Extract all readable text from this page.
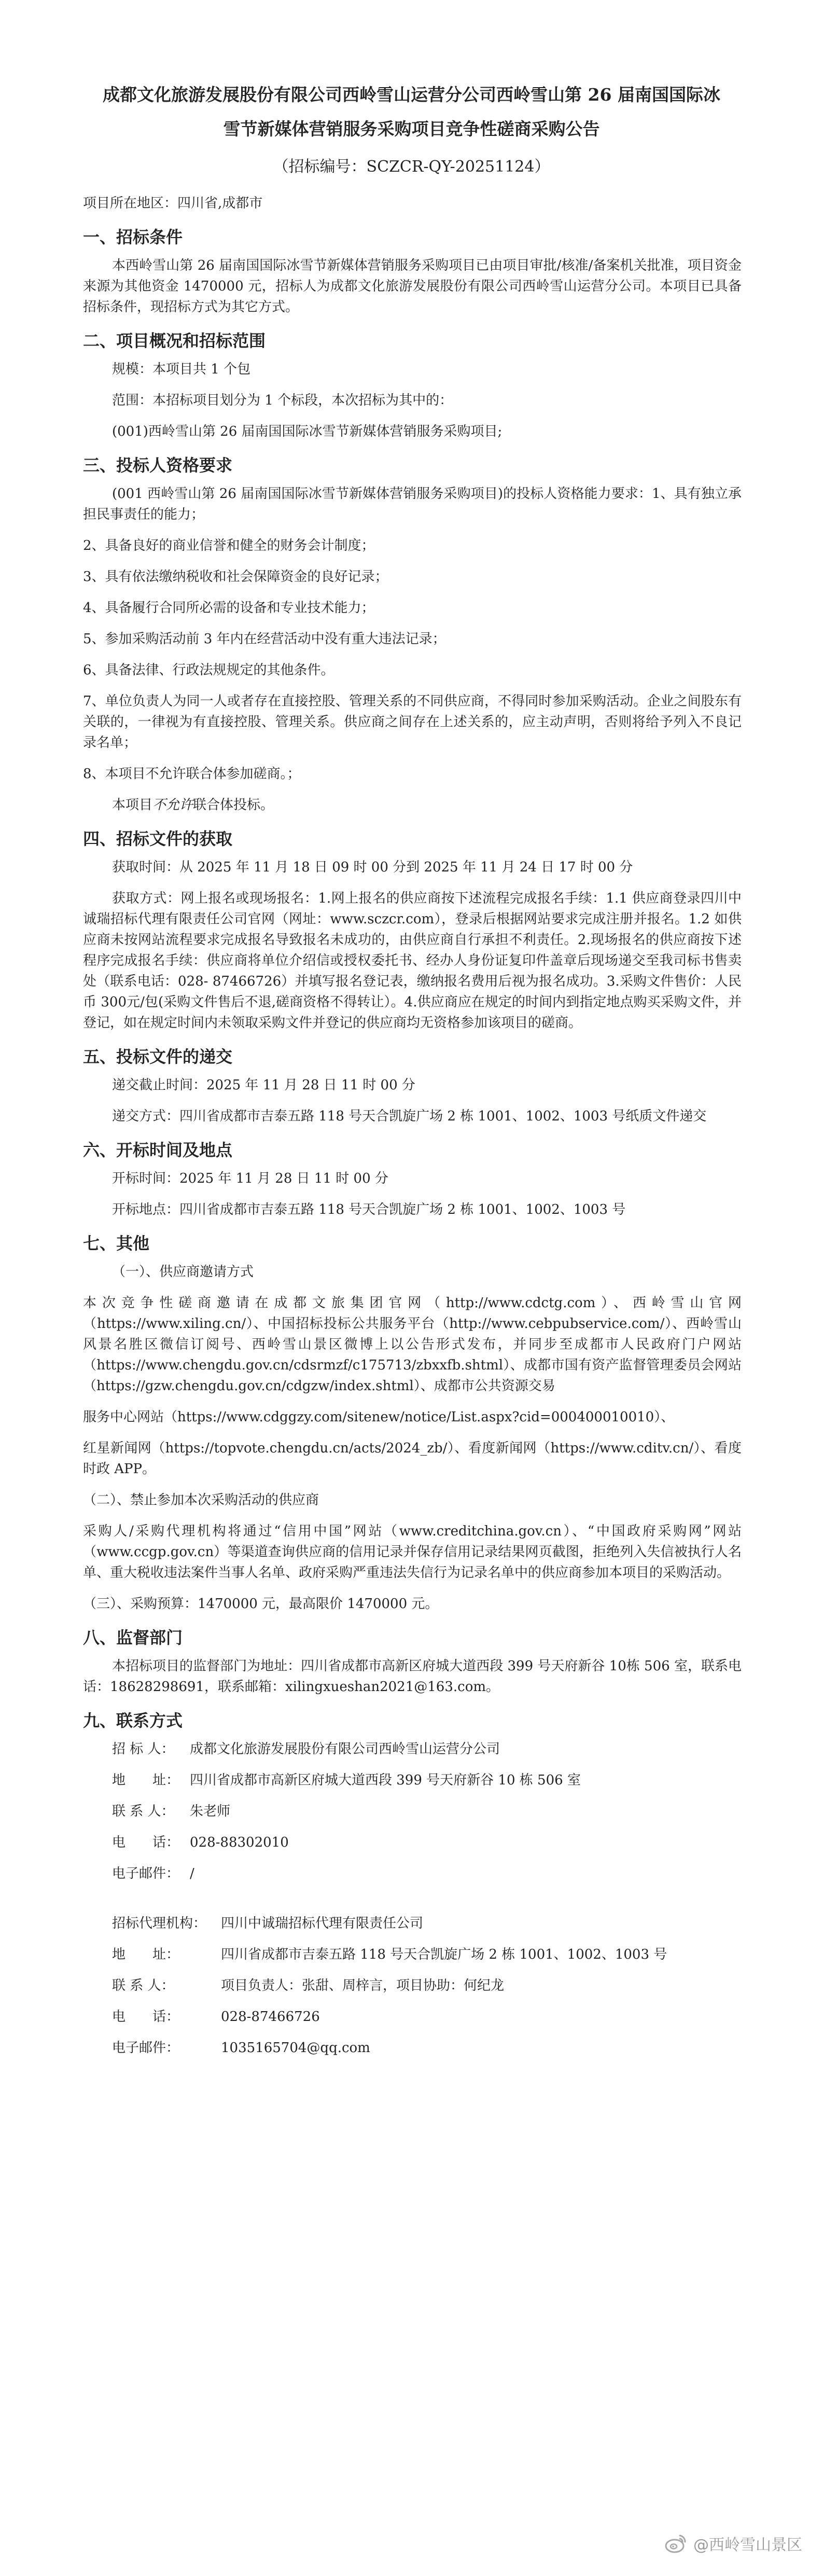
成都文化旅游发展股份有限公司西岭雪山运营分公司西岭雪山第 26 届南国国际冰雪节新媒体营销服务采购项目竞争性磋商采购公告
（招标编号：SCZCR-QY-20251124）

项目所在地区：四川省,成都市

一、招标条件

本西岭雪山第 26 届南国国际冰雪节新媒体营销服务采购项目已由项目审批/核准/备案机关批准，项目资金来源为其他资金 1470000 元，招标人为成都文化旅游发展股份有限公司西岭雪山运营分公司。本项目已具备招标条件，现招标方式为其它方式。

二、项目概况和招标范围

规模：本项目共 1 个包

范围：本招标项目划分为 1 个标段，本次招标为其中的：

(001)西岭雪山第 26 届南国国际冰雪节新媒体营销服务采购项目;

三、投标人资格要求

(001 西岭雪山第 26 届南国国际冰雪节新媒体营销服务采购项目)的投标人资格能力要求：1、具有独立承担民事责任的能力；

2、具备良好的商业信誉和健全的财务会计制度；

3、具有依法缴纳税收和社会保障资金的良好记录；

4、具备履行合同所必需的设备和专业技术能力；

5、参加采购活动前 3 年内在经营活动中没有重大违法记录；

6、具备法律、行政法规规定的其他条件。

7、单位负责人为同一人或者存在直接控股、管理关系的不同供应商，不得同时参加采购活动。企业之间股东有关联的，一律视为有直接控股、管理关系。供应商之间存在上述关系的，应主动声明，否则将给予列入不良记录名单；

8、本项目不允许联合体参加磋商。；

本项目不允许联合体投标。

四、招标文件的获取

获取时间：从 2025 年 11 月 18 日 09 时 00 分到 2025 年 11 月 24 日 17 时 00 分

获取方式：网上报名或现场报名：1.网上报名的供应商按下述流程完成报名手续：1.1 供应商登录四川中诚瑞招标代理有限责任公司官网（网址：www.sczcr.com），登录后根据网站要求完成注册并报名。1.2 如供应商未按网站流程要求完成报名导致报名未成功的，由供应商自行承担不利责任。2.现场报名的供应商按下述程序完成报名手续：供应商将单位介绍信或授权委托书、经办人身份证复印件盖章后现场递交至我司标书售卖处（联系电话：028- 87466726）并填写报名登记表，缴纳报名费用后视为报名成功。3.采购文件售价：人民币 300元/包(采购文件售后不退,磋商资格不得转让）。4.供应商应在规定的时间内到指定地点购买采购文件，并登记，如在规定时间内未领取采购文件并登记的供应商均无资格参加该项目的磋商。

五、投标文件的递交

递交截止时间：2025 年 11 月 28 日 11 时 00 分

递交方式：四川省成都市吉泰五路 118 号天合凯旋广场 2 栋 1001、1002、1003 号纸质文件递交

六、开标时间及地点

开标时间：2025 年 11 月 28 日 11 时 00 分

开标地点：四川省成都市吉泰五路 118 号天合凯旋广场 2 栋 1001、1002、1003 号

七、其他

（一）、供应商邀请方式

本次竞争性磋商邀请在成都文旅集团官网（http://www.cdctg.com）、西岭雪山官网（https://www.xiling.cn/）、中国招标投标公共服务平台（http://www.cebpubservice.com/）、西岭雪山风景名胜区微信订阅号、西岭雪山景区微博上以公告形式发布，并同步至成都市人民政府门户网站（https://www.chengdu.gov.cn/cdsrmzf/c175713/zbxxfb.shtml）、成都市国有资产监督管理委员会网站（https://gzw.chengdu.gov.cn/cdgzw/index.shtml）、成都市公共资源交易

服务中心网站（https://www.cdggzy.com/sitenew/notice/List.aspx?cid=000400010010）、

红星新闻网（https://topvote.chengdu.cn/acts/2024_zb/）、看度新闻网（https://www.cditv.cn/）、看度时政 APP。

（二）、禁止参加本次采购活动的供应商

采购人/采购代理机构将通过“信用中国”网站（www.creditchina.gov.cn）、“中国政府采购网”网站（www.ccgp.gov.cn）等渠道查询供应商的信用记录并保存信用记录结果网页截图，拒绝列入失信被执行人名单、重大税收违法案件当事人名单、政府采购严重违法失信行为记录名单中的供应商参加本项目的采购活动。

（三）、采购预算：1470000 元，最高限价 1470000 元。

八、监督部门

本招标项目的监督部门为地址：四川省成都市高新区府城大道西段 399 号天府新谷 10栋 506 室，联系电话：18628298691，联系邮箱：xilingxueshan2021@163.com。

九、联系方式

招 标 人： 成都文化旅游发展股份有限公司西岭雪山运营分公司

地　　址： 四川省成都市高新区府城大道西段 399 号天府新谷 10 栋 506 室

联 系 人： 朱老师

电　　话： 028-88302010

电子邮件： /

招标代理机构： 四川中诚瑞招标代理有限责任公司

地　　址：	四川省成都市吉泰五路 118 号天合凯旋广场 2 栋 1001、1002、1003 号

联 系 人：	项目负责人：张甜、周梓言，项目协助：何纪龙

电　　话：	028-87466726

电子邮件：	1035165704@qq.com

@西岭雪山景区
